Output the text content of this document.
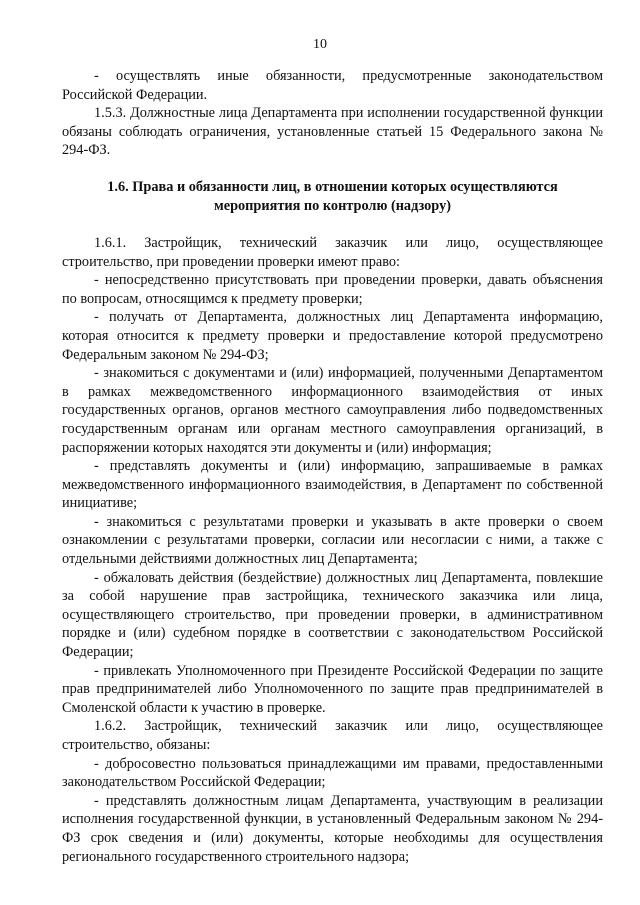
10

- осуществлять иные обязанности, предусмотренные законодательством Российской Федерации.

1.5.3. Должностные лица Департамента при исполнении государственной функции обязаны соблюдать ограничения, установленные статьей 15 Федерального закона № 294-ФЗ.

1.6. Права и обязанности лиц, в отношении которых осуществляются
мероприятия по контролю (надзору)

1.6.1. Застройщик, технический заказчик или лицо, осуществляющее строительство, при проведении проверки имеют право:

- непосредственно присутствовать при проведении проверки, давать объяснения по вопросам, относящимся к предмету проверки;

- получать от Департамента, должностных лиц Департамента информацию, которая относится к предмету проверки и предоставление которой предусмотрено Федеральным законом № 294-ФЗ;

- знакомиться с документами и (или) информацией, полученными Департаментом в рамках межведомственного информационного взаимодействия от иных государственных органов, органов местного самоуправления либо подведомственных государственным органам или органам местного самоуправления организаций, в распоряжении которых находятся эти документы и (или) информация;

- представлять документы и (или) информацию, запрашиваемые в рамках межведомственного информационного взаимодействия, в Департамент по собственной инициативе;

- знакомиться с результатами проверки и указывать в акте проверки о своем ознакомлении с результатами проверки, согласии или несогласии с ними, а также с отдельными действиями должностных лиц Департамента;

- обжаловать действия (бездействие) должностных лиц Департамента, повлекшие за собой нарушение прав застройщика, технического заказчика или лица, осуществляющего строительство, при проведении проверки, в административном порядке и (или) судебном порядке в соответствии с законодательством Российской Федерации;

- привлекать Уполномоченного при Президенте Российской Федерации по защите прав предпринимателей либо Уполномоченного по защите прав предпринимателей в Смоленской области к участию в проверке.

1.6.2. Застройщик, технический заказчик или лицо, осуществляющее строительство, обязаны:

- добросовестно пользоваться принадлежащими им правами, предоставленными законодательством Российской Федерации;

- представлять должностным лицам Департамента, участвующим в реализации исполнения государственной функции, в установленный Федеральным законом № 294-ФЗ срок сведения и (или) документы, которые необходимы для осуществления регионального государственного строительного надзора;
